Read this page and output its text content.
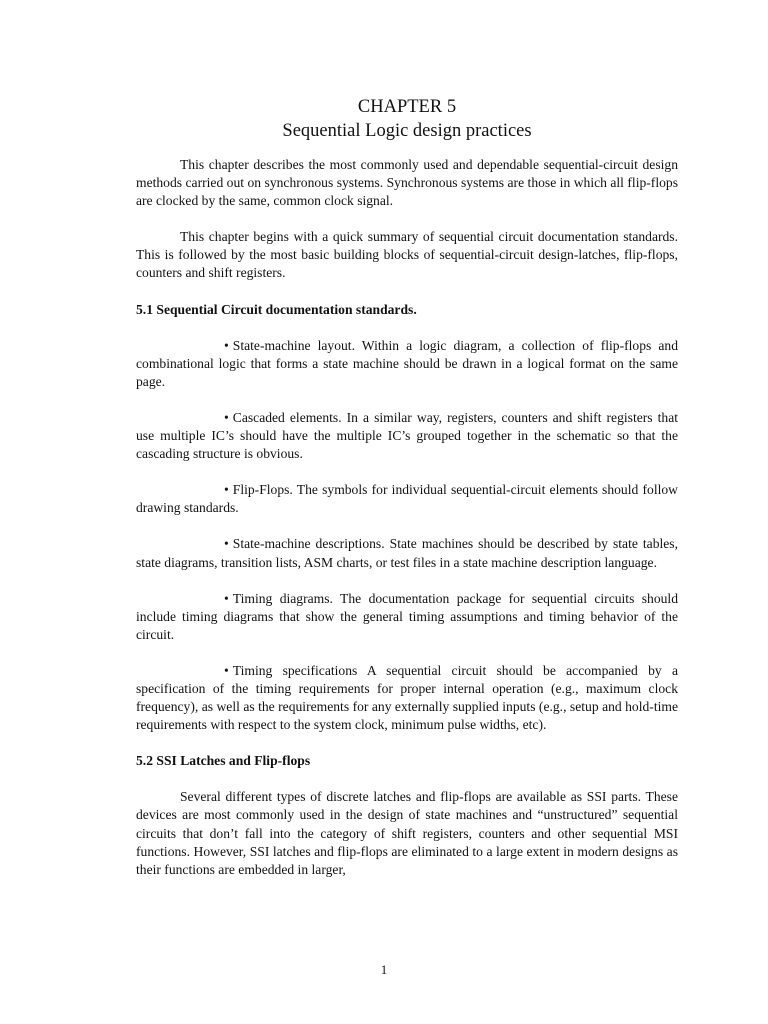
CHAPTER 5
Sequential Logic design practices

This chapter describes the most commonly used and dependable sequential-circuit design methods carried out on synchronous systems. Synchronous systems are those in which all flip-flops are clocked by the same, common clock signal.

This chapter begins with a quick summary of sequential circuit documentation standards. This is followed by the most basic building blocks of sequential-circuit design-latches, flip-flops, counters and shift registers.

5.1 Sequential Circuit documentation standards.

• State-machine layout. Within a logic diagram, a collection of flip-flops and combinational logic that forms a state machine should be drawn in a logical format on the same page.

• Cascaded elements. In a similar way, registers, counters and shift registers that use multiple IC’s should have the multiple IC’s grouped together in the schematic so that the cascading structure is obvious.

• Flip-Flops. The symbols for individual sequential-circuit elements should follow drawing standards.

• State-machine descriptions. State machines should be described by state tables, state diagrams, transition lists, ASM charts, or test files in a state machine description language.

• Timing diagrams. The documentation package for sequential circuits should include timing diagrams that show the general timing assumptions and timing behavior of the circuit.

• Timing specifications A sequential circuit should be accompanied by a specification of the timing requirements for proper internal operation (e.g., maximum clock frequency), as well as the requirements for any externally supplied inputs (e.g., setup and hold-time requirements with respect to the system clock, minimum pulse widths, etc).

5.2 SSI Latches and Flip-flops

Several different types of discrete latches and flip-flops are available as SSI parts. These devices are most commonly used in the design of state machines and “unstructured” sequential circuits that don’t fall into the category of shift registers, counters and other sequential MSI functions. However, SSI latches and flip-flops are eliminated to a large extent in modern designs as their functions are embedded in larger,

1
